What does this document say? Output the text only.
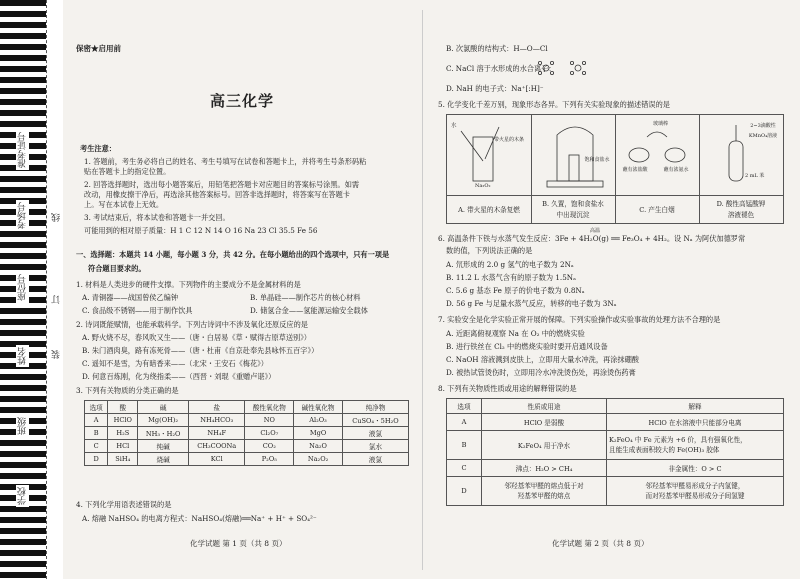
准考证号
考场号
座位号
姓名
班级
学校
线
订
装
保密★启用前
高三化学
考生注意：
1. 答题前，考生务必将自己的姓名、考生号填写在试卷和答题卡上，并将考生号条形码粘
贴在答题卡上的指定位置。
2. 回答选择题时，选出每小题答案后，用铅笔把答题卡对应题目的答案标号涂黑。如需
改动，用橡皮擦干净后，再选涂其他答案标号。回答非选择题时，将答案写在答题卡
上。写在本试卷上无效。
3. 考试结束后，将本试卷和答题卡一并交回。
可能用到的相对原子质量：H 1 C 12 N 14 O 16 Na 23 Cl 35.5 Fe 56
一、选择题：本题共 14 小题，每小题 3 分，共 42 分。在每小题给出的四个选项中，只有一项是
符合题目要求的。
1. 材料是人类进步的硬件支撑。下列物件的主要成分不是金属材料的是
A. 青铜器——战国曾侯乙编钟	B. 单晶硅——制作芯片的核心材料
C. 食品级不锈钢——用于制作饮具	D. 储氢合金——氢能源运输安全载体
2. 诗词既能赋情，也能承载科学。下列古诗词中不涉及氧化还原反应的是
A. 野火烧不尽，春风吹又生——（唐・白居易《草・赋得古原草送别》）
B. 朱门酒肉臭，路有冻死骨——（唐・杜甫《自京赴奉先县咏怀五百字》）
C. 遥知不是雪，为有暗香来——（北宋・王安石《梅花》）
D. 何意百炼刚，化为绕指柔——（西晋・刘琨《重赠卢谌》）
3. 下列有关物质的分类正确的是
选项	酸	碱	盐	酸性氧化物	碱性氧化物	纯净物
A	HClO	Mg(OH)₂	NH₄HCO₃	NO	Al₂O₃	CuSO₄・5H₂O
B	H₂S	NH₃・H₂O	NH₄F	Cl₂O₇	MgO	液氯
C	HCl	纯碱	CH₃COONa	CO₂	Na₂O	氯水
D	SiH₄	烧碱	KCl	P₂O₅	Na₂O₂	液氯
4. 下列化学用语表述错误的是
A. 熔融 NaHSO₄ 的电离方程式：NaHSO₄(熔融)══Na⁺ + H⁺ + SO₄²⁻
化学试题 第 1 页（共 8 页）
B. 次氯酸的结构式：H—O—Cl
C. NaCl 溶于水形成的水合离子：
D. NaH 的电子式：Na⁺[:H]⁻
5. 化学变化千差万别，现象形态各异。下列有关实验现象的描述错误的是
水
带火星的木条
Na₂O₂
饱和食盐水
玻璃棒
蘸有浓盐酸	蘸有浓氨水
2~3滴酸性KMnO₄溶液
2 mL 苯
A. 带火星的木条复燃
B. 久置，饱和食盐水
中出现沉淀
C. 产生白烟
D. 酸性高锰酸钾
溶液褪色
6. 高温条件下铁与水蒸气发生反应：3Fe + 4H₂O(g) ══ Fe₃O₄ + 4H₂。设 Nₐ 为阿伏加德罗常
高温
数的值，下列说法正确的是
A. 氘形成的 2.0 g 氢气的电子数为 2Nₐ
B. 11.2 L 水蒸气含有的原子数为 1.5Nₐ
C. 5.6 g 基态 Fe 原子的价电子数为 0.8Nₐ
D. 56 g Fe 与足量水蒸气反应，转移的电子数为 3Nₐ
7. 实验安全是化学实验正常开展的保障。下列实验操作或实验事故的处理方法不合理的是
A. 近距离俯视观察 Na 在 O₂ 中的燃烧实验
B. 进行铁丝在 Cl₂ 中的燃烧实验时要开启通风设备
C. NaOH 溶液溅到皮肤上，立即用大量水冲洗，再涂抹硼酸
D. 被热试管烫伤时，立即用冷水冲洗烫伤处，再涂烫伤药膏
8. 下列有关物质性质或用途的解释错误的是
选项	性质或用途	解释
A	HClO 是弱酸	HClO 在水溶液中只能部分电离
B	K₂FeO₄ 用于净水	K₂FeO₄ 中 Fe 元素为 +6 价，具有强氧化性，
且能生成表面积较大的 Fe(OH)₃ 胶体
C	沸点：H₂O > CH₄	非金属性：O > C
D	邻羟基苯甲醛的熔点低于对
羟基苯甲醛的熔点	邻羟基苯甲醛易形成分子内氢键，
而对羟基苯甲醛易形成分子间氢键
化学试题 第 2 页（共 8 页）
